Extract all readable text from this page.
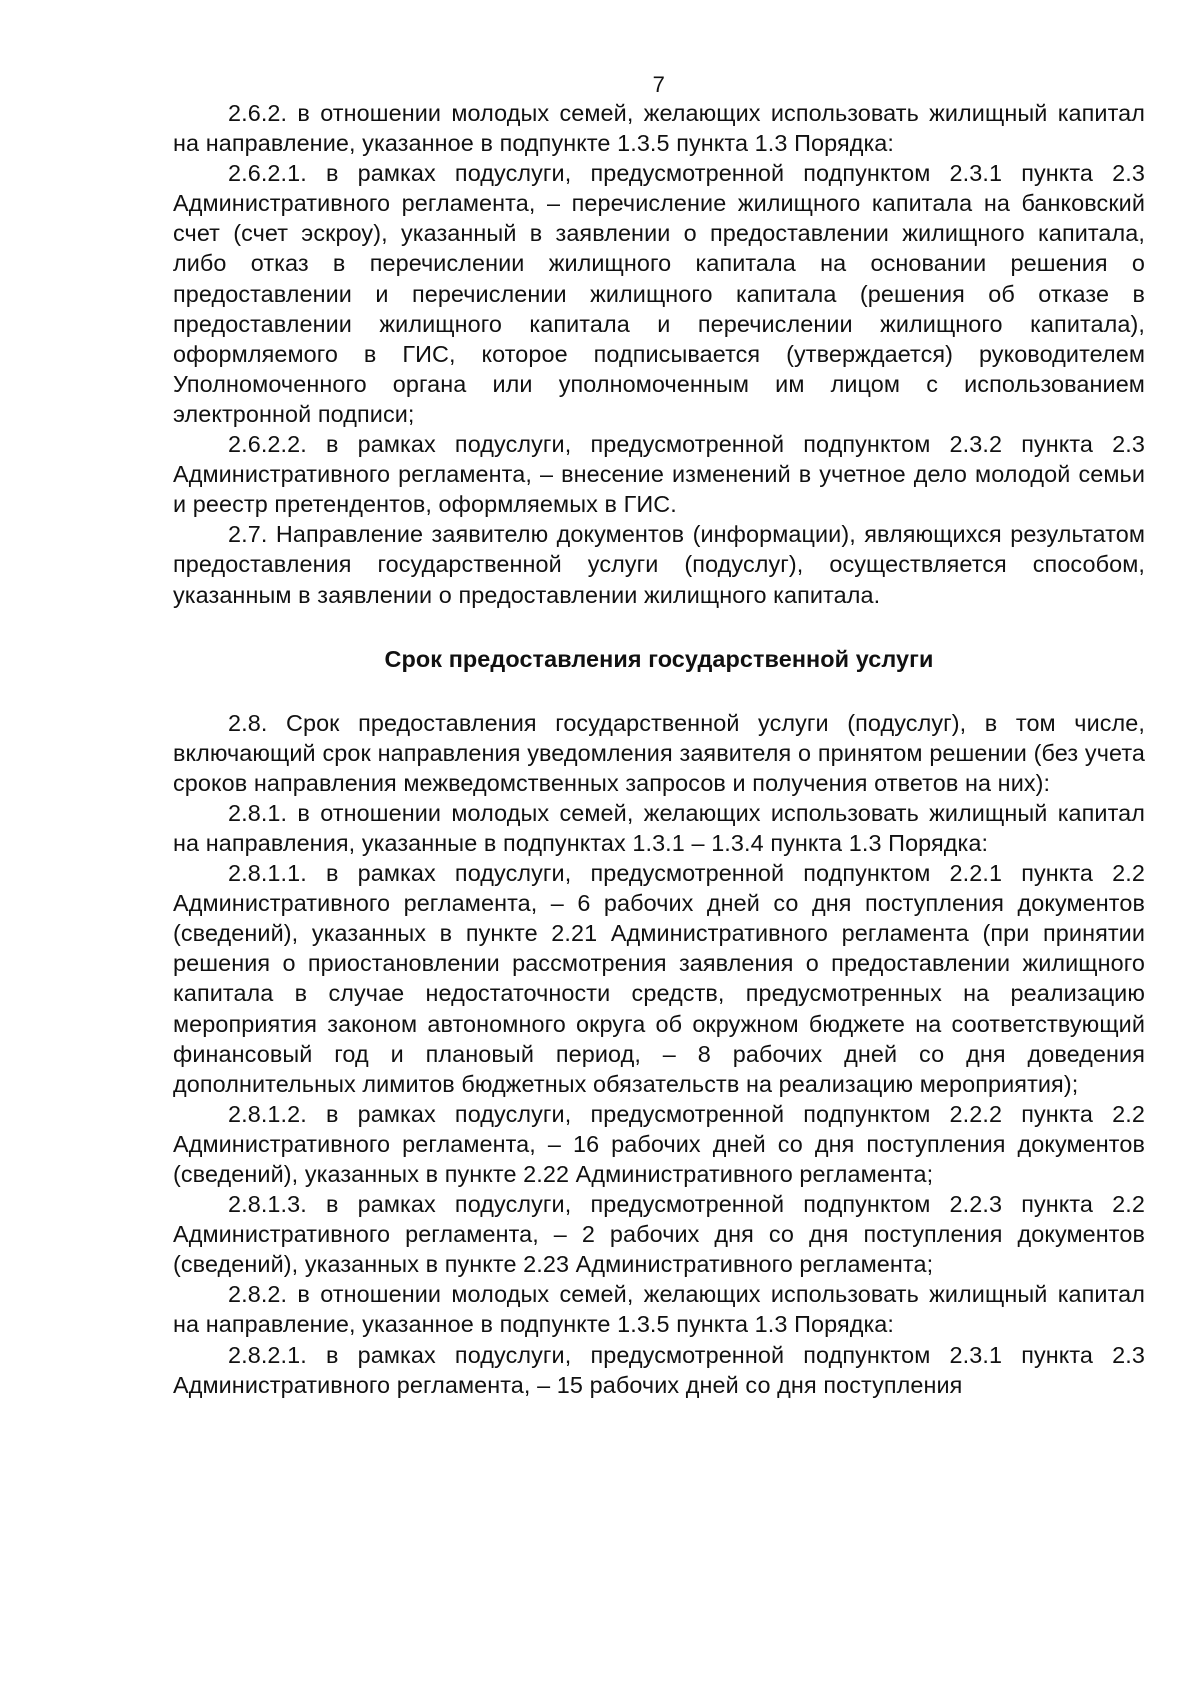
7

2.6.2. в отношении молодых семей, желающих использовать жилищный капитал на направление, указанное в подпункте 1.3.5 пункта 1.3 Порядка:

2.6.2.1. в рамках подуслуги, предусмотренной подпунктом 2.3.1 пункта 2.3 Административного регламента, – перечисление жилищного капитала на банковский счет (счет эскроу), указанный в заявлении о предоставлении жилищного капитала, либо отказ в перечислении жилищного капитала на основании решения о предоставлении и перечислении жилищного капитала (решения об отказе в предоставлении жилищного капитала и перечислении жилищного капитала), оформляемого в ГИС, которое подписывается (утверждается) руководителем Уполномоченного органа или уполномоченным им лицом с использованием электронной подписи;

2.6.2.2. в рамках подуслуги, предусмотренной подпунктом 2.3.2 пункта 2.3 Административного регламента, – внесение изменений в учетное дело молодой семьи и реестр претендентов, оформляемых в ГИС.

2.7. Направление заявителю документов (информации), являющихся результатом предоставления государственной услуги (подуслуг), осуществляется способом, указанным в заявлении о предоставлении жилищного капитала.

Срок предоставления государственной услуги

2.8. Срок предоставления государственной услуги (подуслуг), в том числе, включающий срок направления уведомления заявителя о принятом решении (без учета сроков направления межведомственных запросов и получения ответов на них):

2.8.1. в отношении молодых семей, желающих использовать жилищный капитал на направления, указанные в подпунктах 1.3.1 – 1.3.4 пункта 1.3 Порядка:

2.8.1.1. в рамках подуслуги, предусмотренной подпунктом 2.2.1 пункта 2.2 Административного регламента, – 6 рабочих дней со дня поступления документов (сведений), указанных в пункте 2.21 Административного регламента (при принятии решения о приостановлении рассмотрения заявления о предоставлении жилищного капитала в случае недостаточности средств, предусмотренных на реализацию мероприятия законом автономного округа об окружном бюджете на соответствующий финансовый год и плановый период, – 8 рабочих дней со дня доведения дополнительных лимитов бюджетных обязательств на реализацию мероприятия);

2.8.1.2. в рамках подуслуги, предусмотренной подпунктом 2.2.2 пункта 2.2 Административного регламента, – 16 рабочих дней со дня поступления документов (сведений), указанных в пункте 2.22 Административного регламента;

2.8.1.3. в рамках подуслуги, предусмотренной подпунктом 2.2.3 пункта 2.2 Административного регламента, – 2 рабочих дня со дня поступления документов (сведений), указанных в пункте 2.23 Административного регламента;

2.8.2. в отношении молодых семей, желающих использовать жилищный капитал на направление, указанное в подпункте 1.3.5 пункта 1.3 Порядка:

2.8.2.1. в рамках подуслуги, предусмотренной подпунктом 2.3.1 пункта 2.3 Административного регламента, – 15 рабочих дней со дня поступления
